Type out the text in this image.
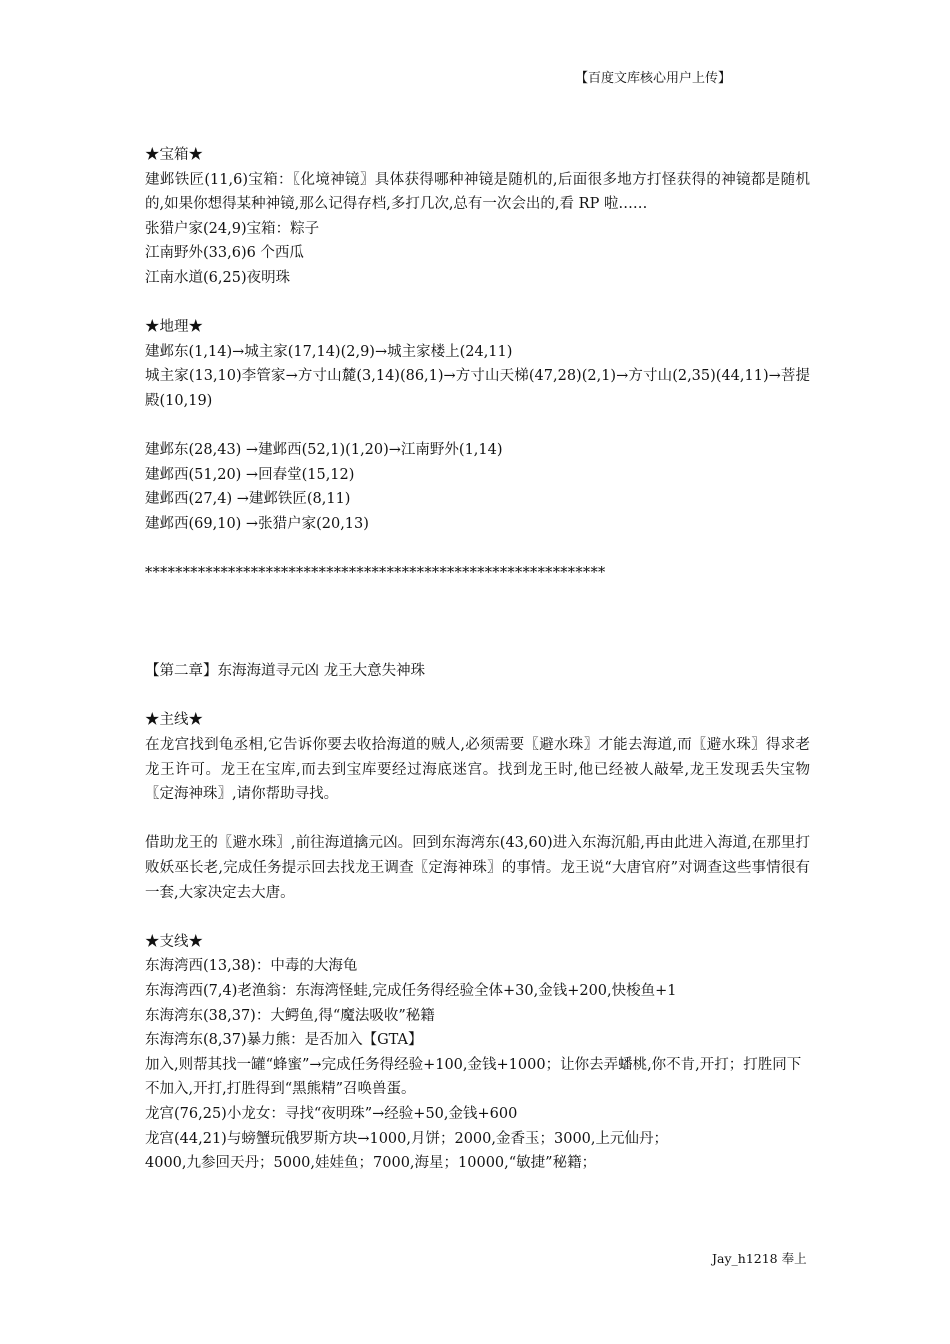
【百度文库核心用户上传】
★宝箱★
建邺铁匠(11,6)宝箱：〖化境神镜〗具体获得哪种神镜是随机的,后面很多地方打怪获得的神镜都是随机的,如果你想得某种神镜,那么记得存档,多打几次,总有一次会出的,看 RP 啦……
张猎户家(24,9)宝箱：粽子
江南野外(33,6)6 个西瓜
江南水道(6,25)夜明珠
★地理★
建邺东(1,14)→城主家(17,14)(2,9)→城主家楼上(24,11)
城主家(13,10)李管家→方寸山麓(3,14)(86,1)→方寸山天梯(47,28)(2,1)→方寸山(2,35)(44,11)→菩提殿(10,19)
建邺东(28,43) →建邺西(52,1)(1,20)→江南野外(1,14)
建邺西(51,20) →回春堂(15,12)
建邺西(27,4) →建邺铁匠(8,11)
建邺西(69,10) →张猎户家(20,13)
*************************************************************
【第二章】东海海道寻元凶 龙王大意失神珠
★主线★
在龙宫找到龟丞相,它告诉你要去收拾海道的贼人,必须需要〖避水珠〗才能去海道,而〖避水珠〗得求老龙王许可。龙王在宝库,而去到宝库要经过海底迷宫。找到龙王时,他已经被人敲晕,龙王发现丢失宝物〖定海神珠〗,请你帮助寻找。
借助龙王的〖避水珠〗,前往海道擒元凶。回到东海湾东(43,60)进入东海沉船,再由此进入海道,在那里打败妖巫长老,完成任务提示回去找龙王调查〖定海神珠〗的事情。龙王说“大唐官府”对调查这些事情很有一套,大家决定去大唐。
★支线★
东海湾西(13,38)：中毒的大海龟
东海湾西(7,4)老渔翁：东海湾怪蛙,完成任务得经验全体+30,金钱+200,快梭鱼+1
东海湾东(38,37)：大鳄鱼,得“魔法吸收”秘籍
东海湾东(8,37)暴力熊：是否加入【GTA】
加入,则帮其找一罐“蜂蜜”→完成任务得经验+100,金钱+1000；让你去弄蟠桃,你不肯,开打；打胜同下
不加入,开打,打胜得到“黑熊精”召唤兽蛋。
龙宫(76,25)小龙女：寻找“夜明珠”→经验+50,金钱+600
龙宫(44,21)与螃蟹玩俄罗斯方块→1000,月饼；2000,金香玉；3000,上元仙丹；
4000,九参回天丹；5000,娃娃鱼；7000,海星；10000,“敏捷”秘籍；
Jay_h1218 奉上
